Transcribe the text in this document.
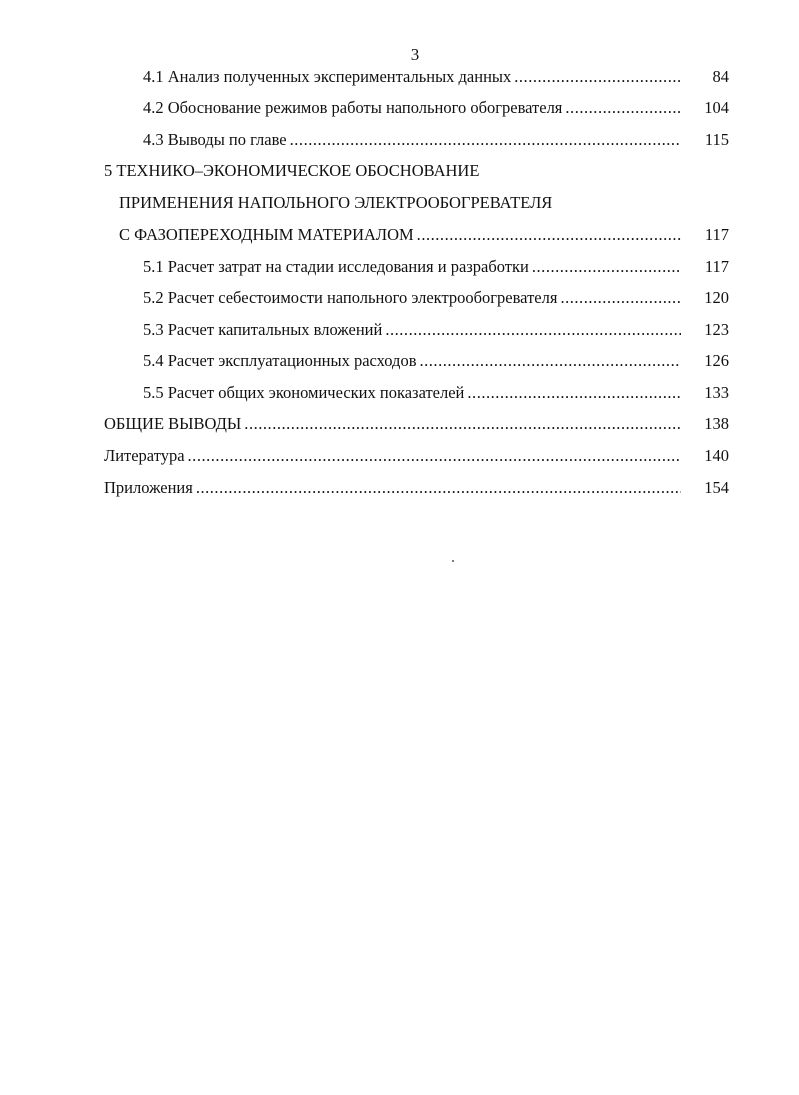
3
4.1 Анализ полученных экспериментальных данных . . .	84
4.2 Обоснование режимов работы напольного обогревателя . . .	104
4.3 Выводы по главе . . .	115
5 ТЕХНИКО–ЭКОНОМИЧЕСКОЕ ОБОСНОВАНИЕ
ПРИМЕНЕНИЯ НАПОЛЬНОГО ЭЛЕКТРООБОГРЕВАТЕЛЯ
С ФАЗОПЕРЕХОДНЫМ МАТЕРИАЛОМ . . .	117
5.1 Расчет затрат на стадии исследования и разработки . . .	117
5.2 Расчет себестоимости напольного электрообогревателя . . .	120
5.3 Расчет капитальных вложений . . .	123
5.4 Расчет эксплуатационных расходов . . .	126
5.5 Расчет общих экономических показателей . . .	133
ОБЩИЕ ВЫВОДЫ . . .	138
Литература . . .	140
Приложения . . .	154
